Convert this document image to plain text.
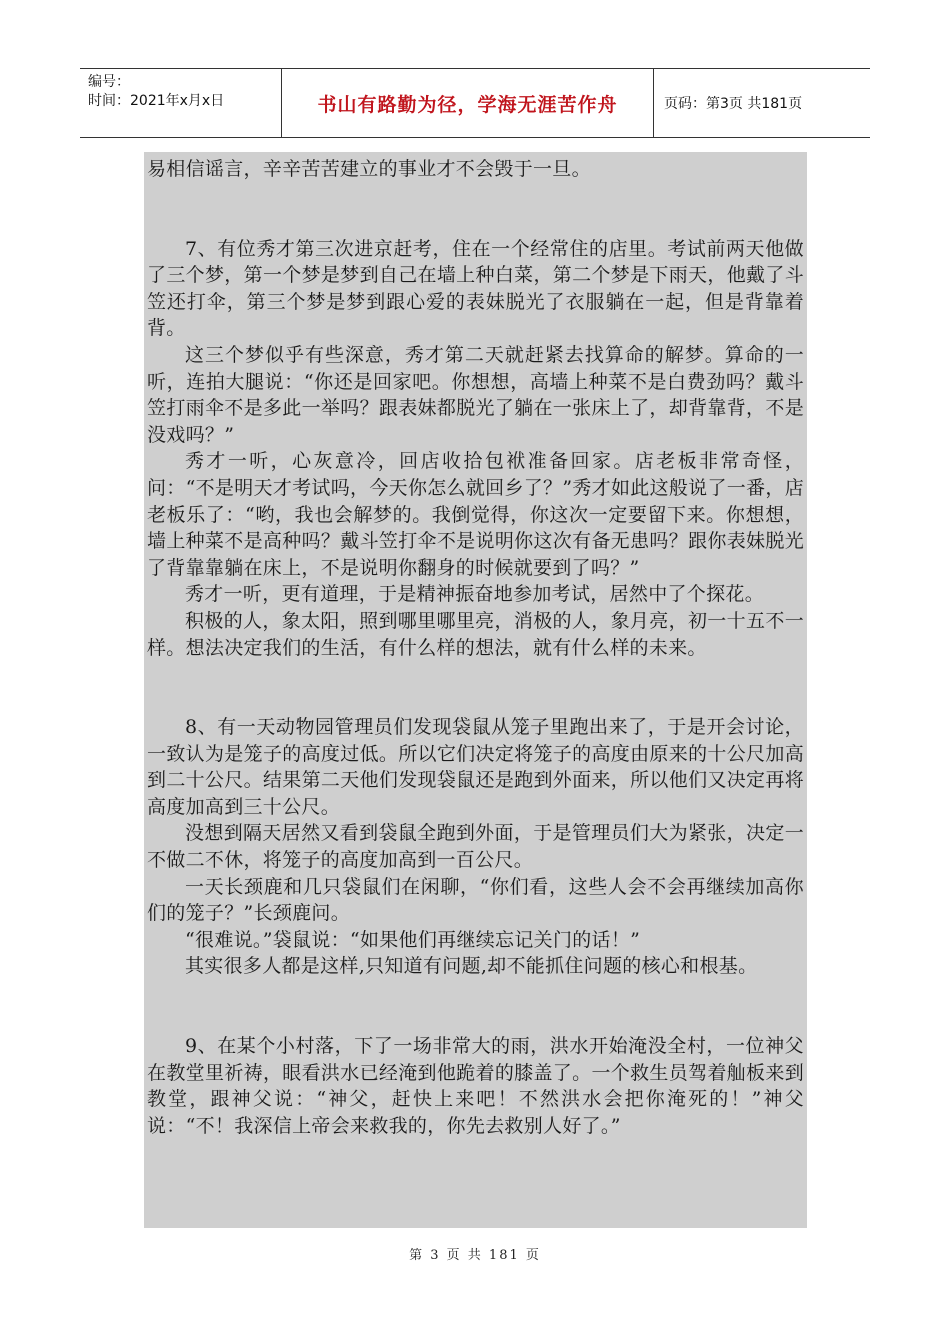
编号：
时间：2021年x月x日	书山有路勤为径，学海无涯苦作舟	页码：第3页 共181页

易相信谣言，辛辛苦苦建立的事业才不会毁于一旦。

7、有位秀才第三次进京赶考，住在一个经常住的店里。考试前两天他做了三个梦，第一个梦是梦到自己在墙上种白菜，第二个梦是下雨天，他戴了斗笠还打伞，第三个梦是梦到跟心爱的表妹脱光了衣服躺在一起，但是背靠着背。

这三个梦似乎有些深意，秀才第二天就赶紧去找算命的解梦。算命的一听，连拍大腿说：“你还是回家吧。你想想，高墙上种菜不是白费劲吗？戴斗笠打雨伞不是多此一举吗？跟表妹都脱光了躺在一张床上了，却背靠背，不是没戏吗？”

秀才一听，心灰意冷，回店收拾包袱准备回家。店老板非常奇怪，问：“不是明天才考试吗，今天你怎么就回乡了？”秀才如此这般说了一番，店老板乐了：“哟，我也会解梦的。我倒觉得，你这次一定要留下来。你想想，墙上种菜不是高种吗？戴斗笠打伞不是说明你这次有备无患吗？跟你表妹脱光了背靠靠躺在床上，不是说明你翻身的时候就要到了吗？”

秀才一听，更有道理，于是精神振奋地参加考试，居然中了个探花。

积极的人，象太阳，照到哪里哪里亮，消极的人，象月亮，初一十五不一样。想法决定我们的生活，有什么样的想法，就有什么样的未来。

8、有一天动物园管理员们发现袋鼠从笼子里跑出来了，于是开会讨论，一致认为是笼子的高度过低。所以它们决定将笼子的高度由原来的十公尺加高到二十公尺。结果第二天他们发现袋鼠还是跑到外面来，所以他们又决定再将高度加高到三十公尺。

没想到隔天居然又看到袋鼠全跑到外面，于是管理员们大为紧张，决定一不做二不休，将笼子的高度加高到一百公尺。

一天长颈鹿和几只袋鼠们在闲聊，“你们看，这些人会不会再继续加高你们的笼子？”长颈鹿问。

“很难说。”袋鼠说：“如果他们再继续忘记关门的话！”

其实很多人都是这样,只知道有问题,却不能抓住问题的核心和根基。

9、在某个小村落，下了一场非常大的雨，洪水开始淹没全村，一位神父在教堂里祈祷，眼看洪水已经淹到他跪着的膝盖了。一个救生员驾着舢板来到教堂，跟神父说：“神父，赶快上来吧！不然洪水会把你淹死的！”神父说：“不！我深信上帝会来救我的，你先去救别人好了。”

第 3 页 共 181 页
